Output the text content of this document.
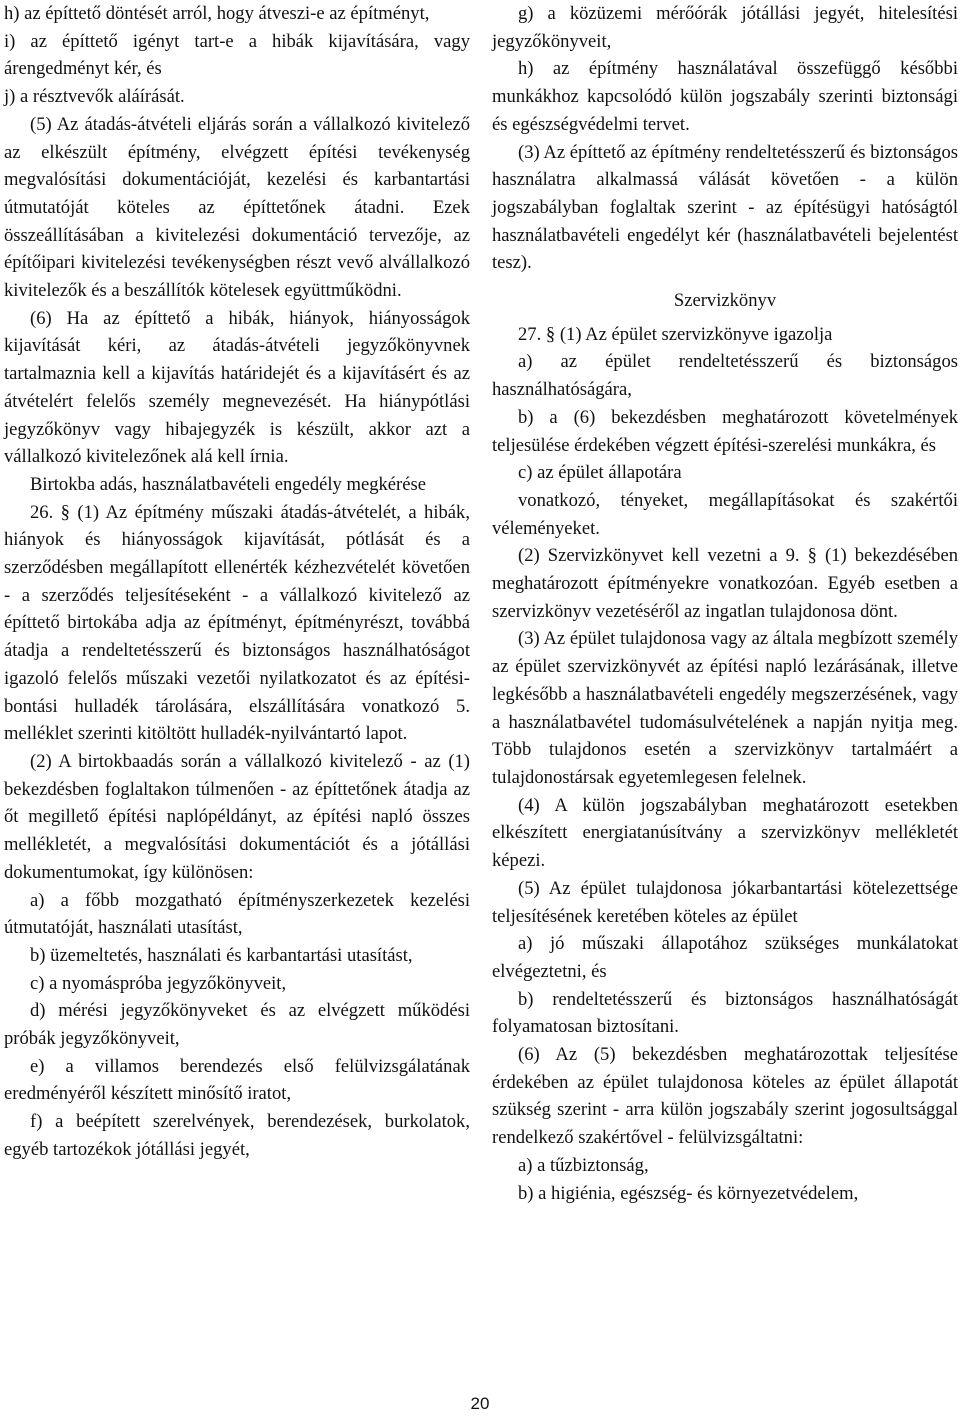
h) az építtető döntését arról, hogy átveszi-e az építményt,

i) az építtető igényt tart-e a hibák kijavítására, vagy árengedményt kér, és

j) a résztvevők aláírását.

(5) Az átadás-átvételi eljárás során a vállalkozó kivitelező az elkészült építmény, elvégzett építési tevékenység megvalósítási dokumentációját, kezelési és karbantartási útmutatóját köteles az építtetőnek átadni. Ezek összeállításában a kivitelezési dokumentáció tervezője, az építőipari kivitelezési tevékenységben részt vevő alvállalkozó kivitelezők és a beszállítók kötelesek együttműködni.

(6) Ha az építtető a hibák, hiányok, hiányosságok kijavítását kéri, az átadás-átvételi jegyzőkönyvnek tartalmaznia kell a kijavítás határidejét és a kijavításért és az átvételért felelős személy megnevezését. Ha hiánypótlási jegyzőkönyv vagy hibajegyzék is készült, akkor azt a vállalkozó kivitelezőnek alá kell írnia.

Birtokba adás, használatbavételi engedély megkérése

26. § (1) Az építmény műszaki átadás-átvételét, a hibák, hiányok és hiányosságok kijavítását, pótlását és a szerződésben megállapított ellenérték kézhezvételét követően - a szerződés teljesítéseként - a vállalkozó kivitelező az építtető birtokába adja az építményt, építményrészt, továbbá átadja a rendeltetésszerű és biztonságos használhatóságot igazoló felelős műszaki vezetői nyilatkozatot és az építési-bontási hulladék tárolására, elszállítására vonatkozó 5. melléklet szerinti kitöltött hulladék-nyilvántartó lapot.

(2) A birtokbaadás során a vállalkozó kivitelező - az (1) bekezdésben foglaltakon túlmenően - az építtetőnek átadja az őt megillető építési naplópéldányt, az építési napló összes mellékletét, a megvalósítási dokumentációt és a jótállási dokumentumokat, így különösen:

a) a főbb mozgatható építményszerkezetek kezelési útmutatóját, használati utasítást,

b) üzemeltetés, használati és karbantartási utasítást,

c) a nyomáspróba jegyzőkönyveit,

d) mérési jegyzőkönyveket és az elvégzett működési próbák jegyzőkönyveit,

e) a villamos berendezés első felülvizsgálatának eredményéről készített minősítő iratot,

f) a beépített szerelvények, berendezések, burkolatok, egyéb tartozékok jótállási jegyét,

g) a közüzemi mérőórák jótállási jegyét, hitelesítési jegyzőkönyveit,

h) az építmény használatával összefüggő későbbi munkákhoz kapcsolódó külön jogszabály szerinti biztonsági és egészségvédelmi tervet.

(3) Az építtető az építmény rendeltetésszerű és biztonságos használatra alkalmassá válását követően - a külön jogszabályban foglaltak szerint - az építésügyi hatóságtól használatbavételi engedélyt kér (használatbavételi bejelentést tesz).

Szervizkönyv

27. § (1) Az épület szervizkönyve igazolja

a) az épület rendeltetésszerű és biztonságos használhatóságára,

b) a (6) bekezdésben meghatározott követelmények teljesülése érdekében végzett építési-szerelési munkákra, és

c) az épület állapotára

vonatkozó, tényeket, megállapításokat és szakértői véleményeket.

(2) Szervizkönyvet kell vezetni a 9. § (1) bekezdésében meghatározott építményekre vonatkozóan. Egyéb esetben a szervizkönyv vezetéséről az ingatlan tulajdonosa dönt.

(3) Az épület tulajdonosa vagy az általa megbízott személy az épület szervizkönyvét az építési napló lezárásának, illetve legkésőbb a használatbavételi engedély megszerzésének, vagy a használatbavétel tudomásulvételének a napján nyitja meg. Több tulajdonos esetén a szervizkönyv tartalmáért a tulajdonostársak egyetemlegesen felelnek.

(4) A külön jogszabályban meghatározott esetekben elkészített energiatanúsítvány a szervizkönyv mellékletét képezi.

(5) Az épület tulajdonosa jókarbantartási kötelezettsége teljesítésének keretében köteles az épület

a) jó műszaki állapotához szükséges munkálatokat elvégeztetni, és

b) rendeltetésszerű és biztonságos használhatóságát folyamatosan biztosítani.

(6) Az (5) bekezdésben meghatározottak teljesítése érdekében az épület tulajdonosa köteles az épület állapotát szükség szerint - arra külön jogszabály szerint jogosultsággal rendelkező szakértővel - felülvizsgáltatni:

a) a tűzbiztonság,

b) a higiénia, egészség- és környezetvédelem,

20
